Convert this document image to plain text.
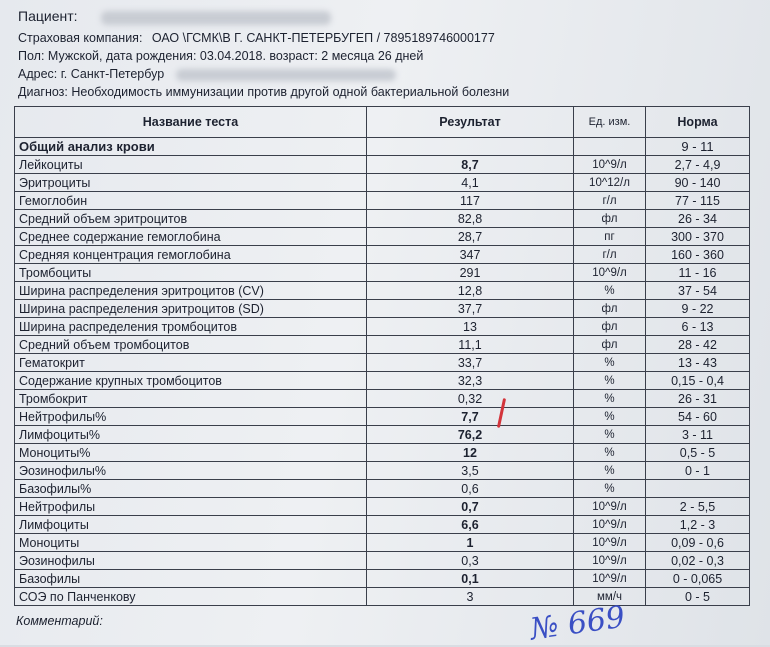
Пациент:
Страховая компания: ОАО \ГСМК\В Г. САНКТ-ПЕТЕРБУГЕП / 7895189746000177
Пол: Мужской, дата рождения: 03.04.2018. возраст: 2 месяца 26 дней
Адрес: г. Санкт-Петербур
Диагноз: Необходимость иммунизации против другой одной бактериальной болезни
Название теста	Результат	Ед. изм.	Норма
Общий анализ крови			9 - 11
Лейкоциты	8,7	10^9/л	2,7 - 4,9
Эритроциты	4,1	10^12/л	90 - 140
Гемоглобин	117	г/л	77 - 115
Средний объем эритроцитов	82,8	фл	26 - 34
Среднее содержание гемоглобина	28,7	пг	300 - 370
Средняя концентрация гемоглобина	347	г/л	160 - 360
Тромбоциты	291	10^9/л	11 - 16
Ширина распределения эритроцитов (CV)	12,8	%	37 - 54
Ширина распределения эритроцитов (SD)	37,7	фл	9 - 22
Ширина распределения тромбоцитов	13	фл	6 - 13
Средний объем тромбоцитов	11,1	фл	28 - 42
Гематокрит	33,7	%	13 - 43
Содержание крупных тромбоцитов	32,3	%	0,15 - 0,4
Тромбокрит	0,32	%	26 - 31
Нейтрофилы%	7,7	%	54 - 60
Лимфоциты%	76,2	%	3 - 11
Моноциты%	12	%	0,5 - 5
Эозинофилы%	3,5	%	0 - 1
Базофилы%	0,6	%	
Нейтрофилы	0,7	10^9/л	2 - 5,5
Лимфоциты	6,6	10^9/л	1,2 - 3
Моноциты	1	10^9/л	0,09 - 0,6
Эозинофилы	0,3	10^9/л	0,02 - 0,3
Базофилы	0,1	10^9/л	0 - 0,065
СОЭ по Панченкову	3	мм/ч	0 - 5
Комментарий:	№ 669
